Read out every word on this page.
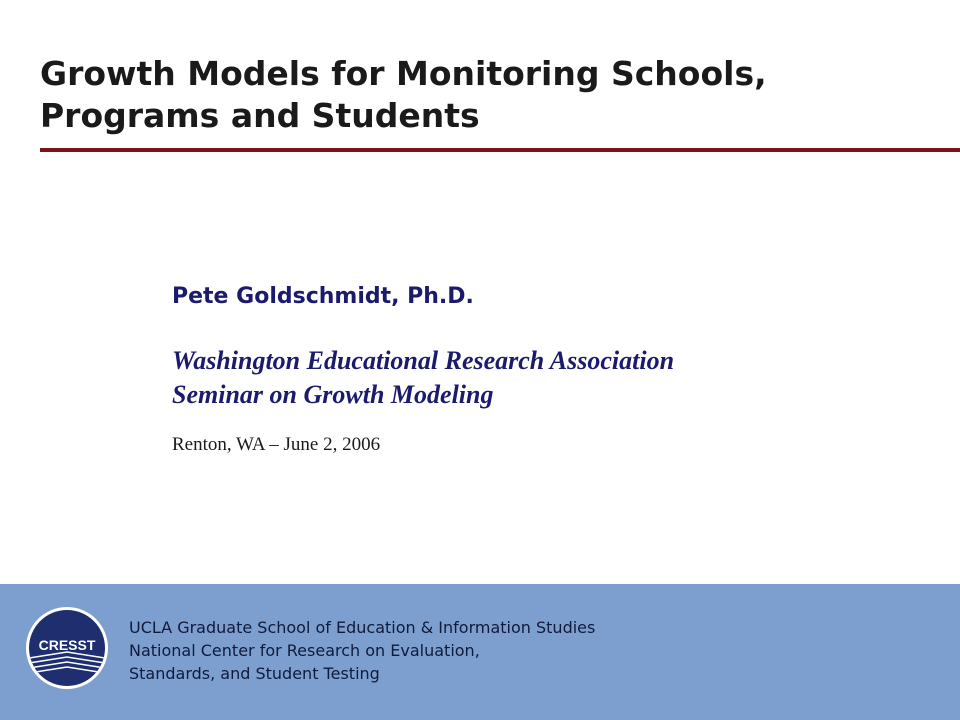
Growth Models for Monitoring Schools,
Programs and Students
Pete Goldschmidt, Ph.D.
Washington Educational Research Association
Seminar on Growth Modeling
Renton, WA – June 2, 2006
CRESST
UCLA Graduate School of Education & Information Studies
National Center for Research on Evaluation,
Standards, and Student Testing
